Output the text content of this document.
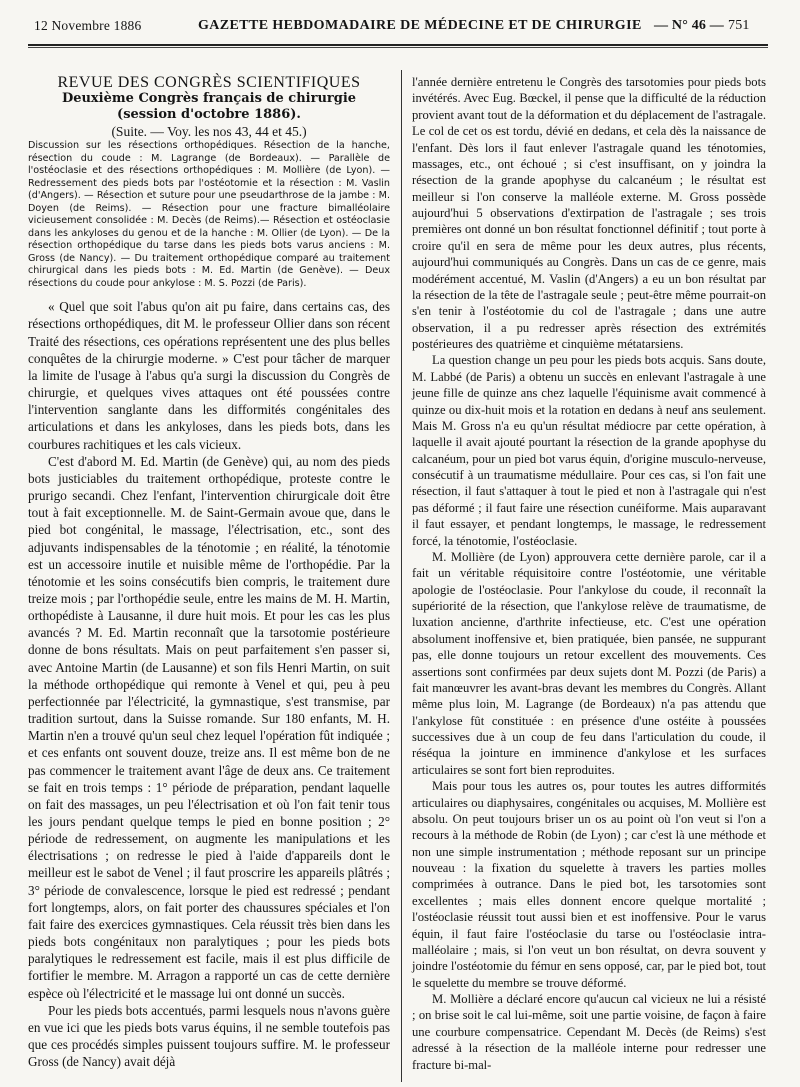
12 Novembre 1886	GAZETTE HEBDOMADAIRE DE MÉDECINE ET DE CHIRURGIE — N° 46 — 751

REVUE DES CONGRÈS SCIENTIFIQUES

Deuxième Congrès français de chirurgie

(session d'octobre 1886).

(Suite. — Voy. les nos 43, 44 et 45.)

Discussion sur les résections orthopédiques. Résection de la hanche, résection du coude : M. Lagrange (de Bordeaux). — Parallèle de l'ostéoclasie et des résections orthopédiques : M. Mollière (de Lyon). — Redressement des pieds bots par l'ostéotomie et la résection : M. Vaslin (d'Angers). — Résection et suture pour une pseudarthrose de la jambe : M. Doyen (de Reims). — Résection pour une fracture bimalléolaire vicieusement consolidée : M. Decès (de Reims).— Résection et ostéoclasie dans les ankyloses du genou et de la hanche : M. Ollier (de Lyon). — De la résection orthopédique du tarse dans les pieds bots varus anciens : M. Gross (de Nancy). — Du traitement orthopédique comparé au traitement chirurgical dans les pieds bots : M. Ed. Martin (de Genève). — Deux résections du coude pour ankylose : M. S. Pozzi (de Paris).

« Quel que soit l'abus qu'on ait pu faire, dans certains cas, des résections orthopédiques, dit M. le professeur Ollier dans son récent Traité des résections, ces opérations représentent une des plus belles conquêtes de la chirurgie moderne. » C'est pour tâcher de marquer la limite de l'usage à l'abus qu'a surgi la discussion du Congrès de chirurgie, et quelques vives attaques ont été poussées contre l'intervention sanglante dans les difformités congénitales des articulations et dans les ankyloses, dans les pieds bots, dans les courbures rachitiques et les cals vicieux.

C'est d'abord M. Ed. Martin (de Genève) qui, au nom des pieds bots justiciables du traitement orthopédique, proteste contre le prurigo secandi. Chez l'enfant, l'intervention chirurgicale doit être tout à fait exceptionnelle. M. de Saint-Germain avoue que, dans le pied bot congénital, le massage, l'électrisation, etc., sont des adjuvants indispensables de la ténotomie ; en réalité, la ténotomie est un accessoire inutile et nuisible même de l'orthopédie. Par la ténotomie et les soins consécutifs bien compris, le traitement dure treize mois ; par l'orthopédie seule, entre les mains de M. H. Martin, orthopédiste à Lausanne, il dure huit mois. Et pour les cas les plus avancés ? M. Ed. Martin reconnaît que la tarsotomie postérieure donne de bons résultats. Mais on peut parfaitement s'en passer si, avec Antoine Martin (de Lausanne) et son fils Henri Martin, on suit la méthode orthopédique qui remonte à Venel et qui, peu à peu perfectionnée par l'électricité, la gymnastique, s'est transmise, par tradition surtout, dans la Suisse romande. Sur 180 enfants, M. H. Martin n'en a trouvé qu'un seul chez lequel l'opération fût indiquée ; et ces enfants ont souvent douze, treize ans. Il est même bon de ne pas commencer le traitement avant l'âge de deux ans. Ce traitement se fait en trois temps : 1° période de préparation, pendant laquelle on fait des massages, un peu l'électrisation et où l'on fait tenir tous les jours pendant quelque temps le pied en bonne position ; 2° période de redressement, on augmente les manipulations et les électrisations ; on redresse le pied à l'aide d'appareils dont le meilleur est le sabot de Venel ; il faut proscrire les appareils plâtrés ; 3° période de convalescence, lorsque le pied est redressé ; pendant fort longtemps, alors, on fait porter des chaussures spéciales et l'on fait faire des exercices gymnastiques. Cela réussit très bien dans les pieds bots congénitaux non paralytiques ; pour les pieds bots paralytiques le redressement est facile, mais il est plus difficile de fortifier le membre. M. Arragon a rapporté un cas de cette dernière espèce où l'électricité et le massage lui ont donné un succès.

Pour les pieds bots accentués, parmi lesquels nous n'avons guère en vue ici que les pieds bots varus équins, il ne semble toutefois pas que ces procédés simples puissent toujours suffire. M. le professeur Gross (de Nancy) avait déjà

l'année dernière entretenu le Congrès des tarsotomies pour pieds bots invétérés. Avec Eug. Bœckel, il pense que la difficulté de la réduction provient avant tout de la déformation et du déplacement de l'astragale. Le col de cet os est tordu, dévié en dedans, et cela dès la naissance de l'enfant. Dès lors il faut enlever l'astragale quand les ténotomies, massages, etc., ont échoué ; si c'est insuffisant, on y joindra la résection de la grande apophyse du calcanéum ; le résultat est meilleur si l'on conserve la malléole externe. M. Gross possède aujourd'hui 5 observations d'extirpation de l'astragale ; ses trois premières ont donné un bon résultat fonctionnel définitif ; tout porte à croire qu'il en sera de même pour les deux autres, plus récents, aujourd'hui communiqués au Congrès. Dans un cas de ce genre, mais modérément accentué, M. Vaslin (d'Angers) a eu un bon résultat par la résection de la tête de l'astragale seule ; peut-être même pourrait-on s'en tenir à l'ostéotomie du col de l'astragale ; dans une autre observation, il a pu redresser après résection des extrémités postérieures des quatrième et cinquième métatarsiens.

La question change un peu pour les pieds bots acquis. Sans doute, M. Labbé (de Paris) a obtenu un succès en enlevant l'astragale à une jeune fille de quinze ans chez laquelle l'équinisme avait commencé à quinze ou dix-huit mois et la rotation en dedans à neuf ans seulement. Mais M. Gross n'a eu qu'un résultat médiocre par cette opération, à laquelle il avait ajouté pourtant la résection de la grande apophyse du calcanéum, pour un pied bot varus équin, d'origine musculo-nerveuse, consécutif à un traumatisme médullaire. Pour ces cas, si l'on fait une résection, il faut s'attaquer à tout le pied et non à l'astragale qui n'est pas déformé ; il faut faire une résection cunéiforme. Mais auparavant il faut essayer, et pendant longtemps, le massage, le redressement forcé, la ténotomie, l'ostéoclasie.

M. Mollière (de Lyon) approuvera cette dernière parole, car il a fait un véritable réquisitoire contre l'ostéotomie, une véritable apologie de l'ostéoclasie. Pour l'ankylose du coude, il reconnaît la supériorité de la résection, que l'ankylose relève de traumatisme, de luxation ancienne, d'arthrite infectieuse, etc. C'est une opération absolument inoffensive et, bien pratiquée, bien pansée, ne suppurant pas, elle donne toujours un retour excellent des mouvements. Ces assertions sont confirmées par deux sujets dont M. Pozzi (de Paris) a fait manœuvrer les avant-bras devant les membres du Congrès. Allant même plus loin, M. Lagrange (de Bordeaux) n'a pas attendu que l'ankylose fût constituée : en présence d'une ostéite à poussées successives due à un coup de feu dans l'articulation du coude, il réséqua la jointure en imminence d'ankylose et les surfaces articulaires se sont fort bien reproduites.

Mais pour tous les autres os, pour toutes les autres difformités articulaires ou diaphysaires, congénitales ou acquises, M. Mollière est absolu. On peut toujours briser un os au point où l'on veut si l'on a recours à la méthode de Robin (de Lyon) ; car c'est là une méthode et non une simple instrumentation ; méthode reposant sur un principe nouveau : la fixation du squelette à travers les parties molles comprimées à outrance. Dans le pied bot, les tarsotomies sont excellentes ; mais elles donnent encore quelque mortalité ; l'ostéoclasie réussit tout aussi bien et est inoffensive. Pour le varus équin, il faut faire l'ostéoclasie du tarse ou l'ostéoclasie intra-malléolaire ; mais, si l'on veut un bon résultat, on devra souvent y joindre l'ostéotomie du fémur en sens opposé, car, par le pied bot, tout le squelette du membre se trouve déformé.

M. Mollière a déclaré encore qu'aucun cal vicieux ne lui a résisté ; on brise soit le cal lui-même, soit une partie voisine, de façon à faire une courbure compensatrice. Cependant M. Decès (de Reims) s'est adressé à la résection de la malléole interne pour redresser une fracture bi-mal-
